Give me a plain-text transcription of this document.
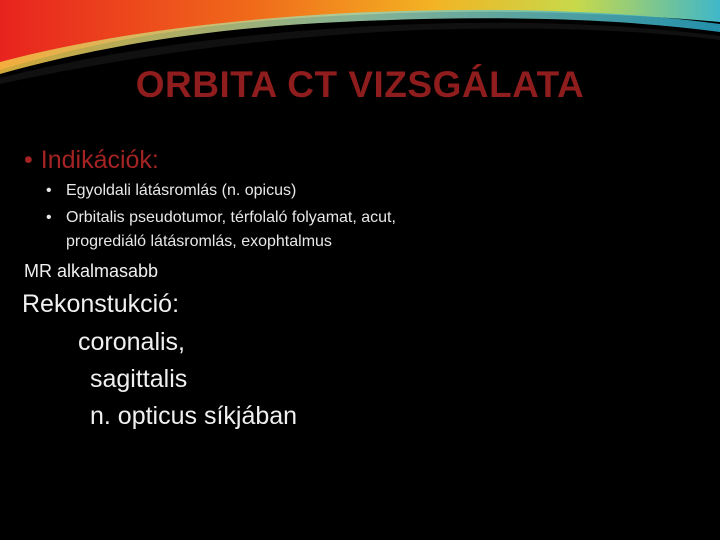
ORBITA CT VIZSGÁLATA
• Indikációk:
• Egyoldali látásromlás (n. opicus)
• Orbitalis pseudotumor, térfolaló folyamat, acut,
progrediáló látásromlás, exophtalmus
MR alkalmasabb
Rekonstukció:
coronalis,
sagittalis
n. opticus síkjában
